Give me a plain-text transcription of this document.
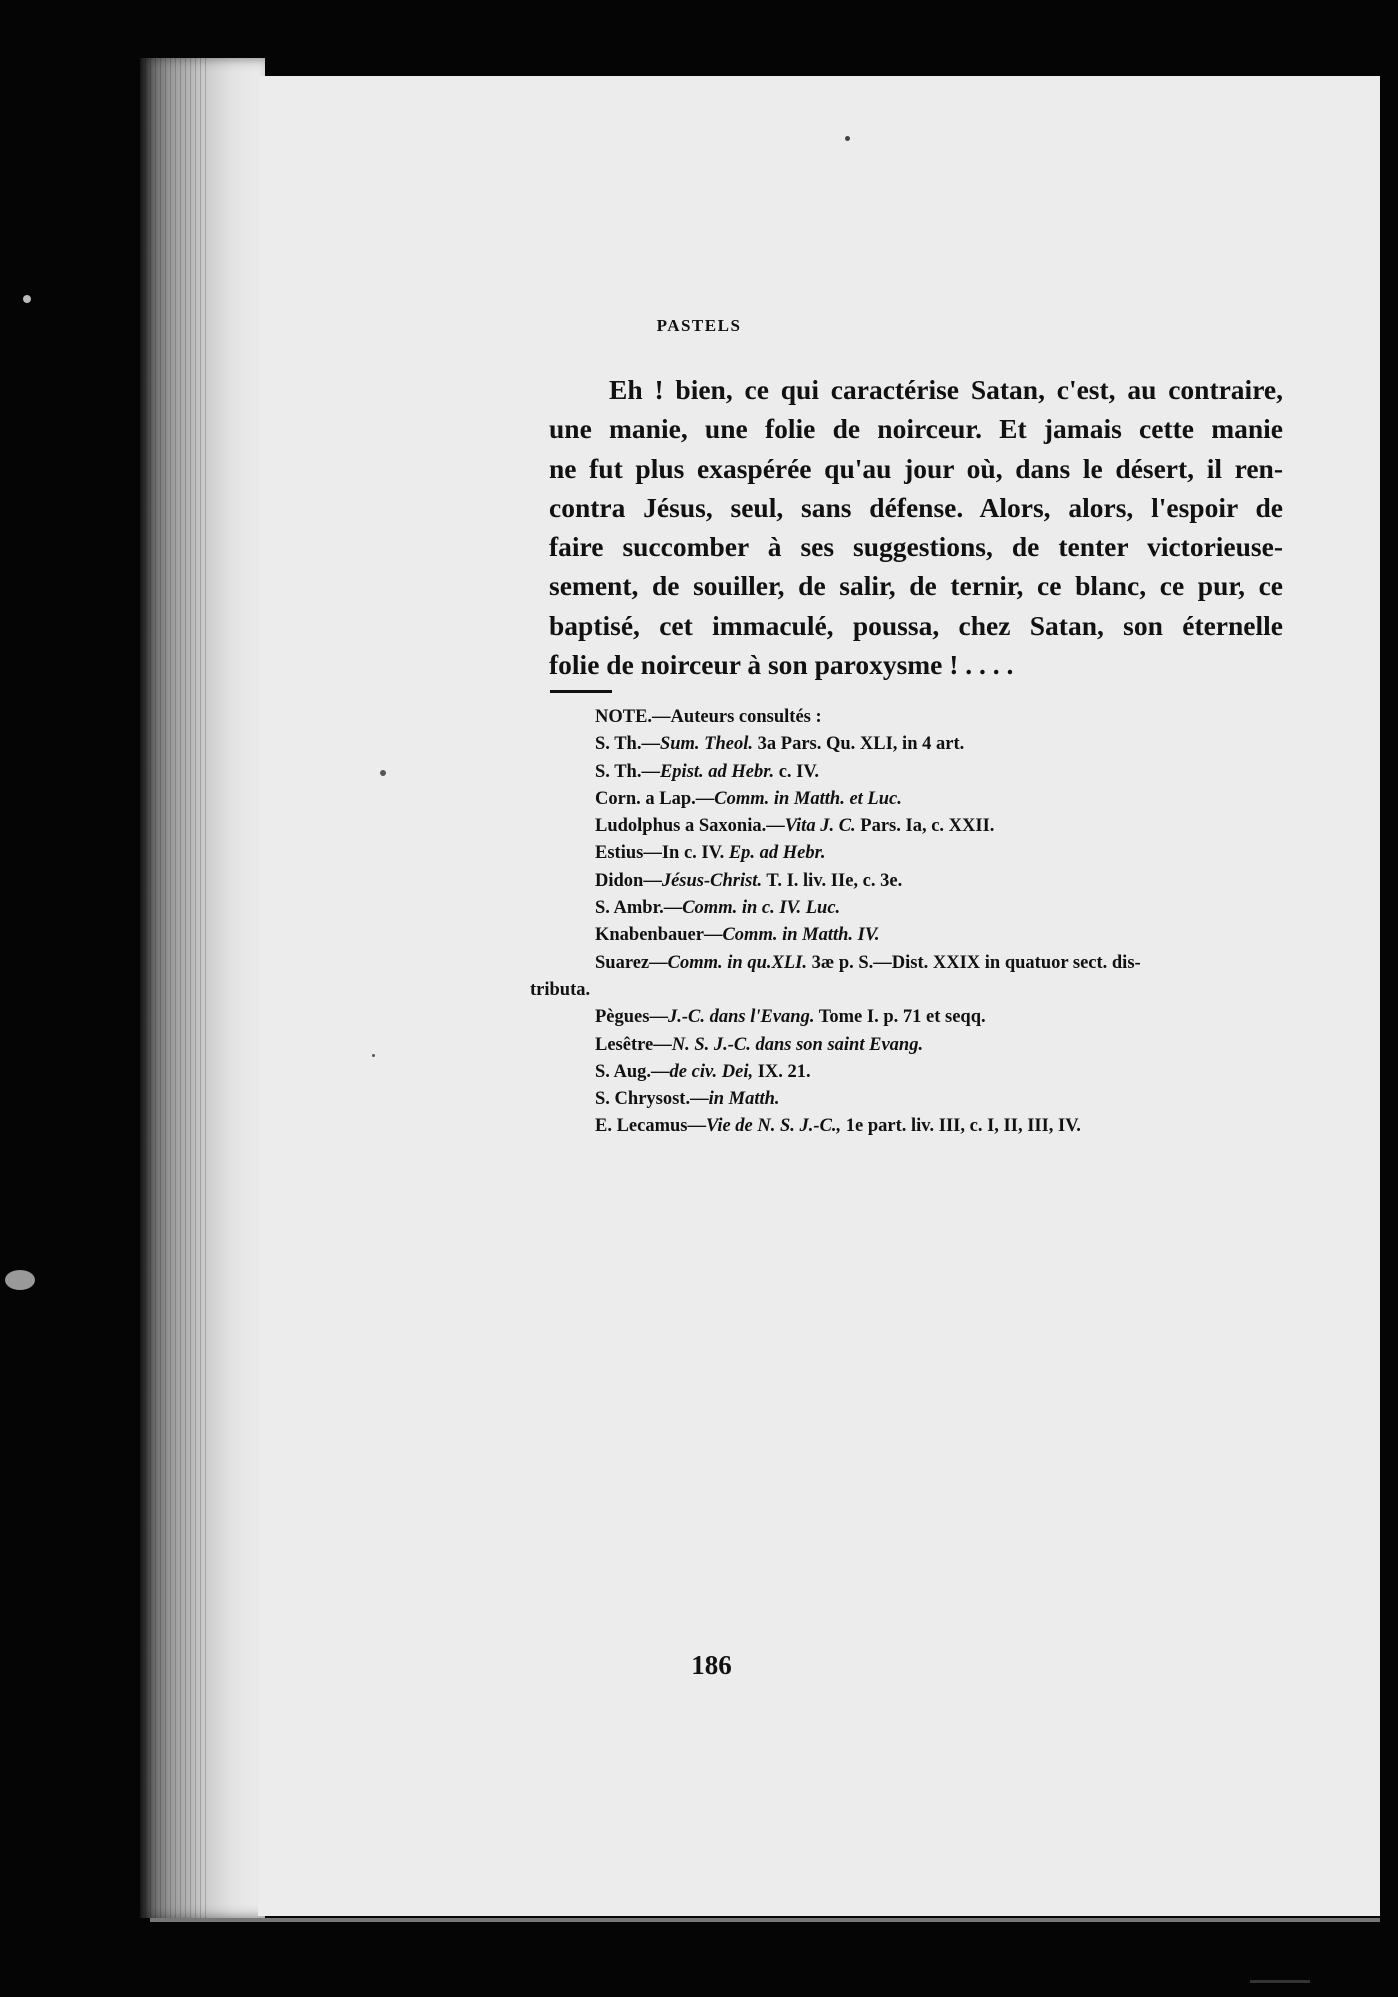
PASTELS
Eh ! bien, ce qui caractérise Satan, c'est, au contraire,
une manie, une folie de noirceur. Et jamais cette manie
ne fut plus exaspérée qu'au jour où, dans le désert, il ren-
contra Jésus, seul, sans défense. Alors, alors, l'espoir de
faire succomber à ses suggestions, de tenter victorieuse-
sement, de souiller, de salir, de ternir, ce blanc, ce pur, ce
baptisé, cet immaculé, poussa, chez Satan, son éternelle
folie de noirceur à son paroxysme ! . . . .
NOTE.—Auteurs consultés :
S. Th.—Sum. Theol. 3a Pars. Qu. XLI, in 4 art.
S. Th.—Epist. ad Hebr. c. IV.
Corn. a Lap.—Comm. in Matth. et Luc.
Ludolphus a Saxonia.—Vita J. C. Pars. Ia, c. XXII.
Estius—In c. IV. Ep. ad Hebr.
Didon—Jésus-Christ. T. I. liv. IIe, c. 3e.
S. Ambr.—Comm. in c. IV. Luc.
Knabenbauer—Comm. in Matth. IV.
Suarez—Comm. in qu.XLI. 3æ p. S.—Dist. XXIX in quatuor sect. dis-
tributa.
Pègues—J.-C. dans l'Evang. Tome I. p. 71 et seqq.
Lesêtre—N. S. J.-C. dans son saint Evang.
S. Aug.—de civ. Dei, IX. 21.
S. Chrysost.—in Matth.
E. Lecamus—Vie de N. S. J.-C., 1e part. liv. III, c. I, II, III, IV.
186
